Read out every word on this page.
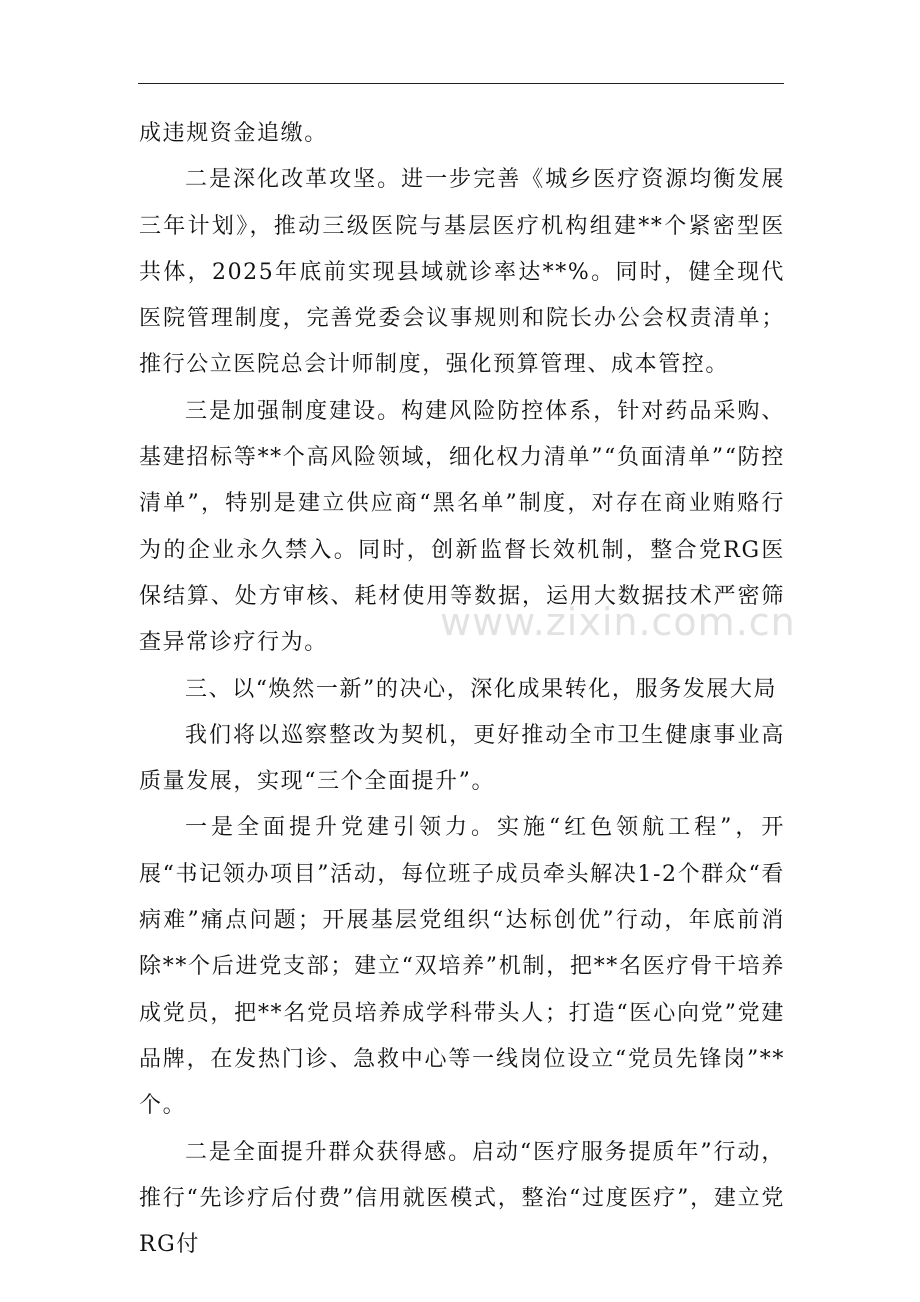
成违规资金追缴。

二是深化改革攻坚。进一步完善《城乡医疗资源均衡发展三年计划》，推动三级医院与基层医疗机构组建**个紧密型医共体，2025年底前实现县域就诊率达**%。同时，健全现代医院管理制度，完善党委会议事规则和院长办公会权责清单；推行公立医院总会计师制度，强化预算管理、成本管控。

三是加强制度建设。构建风险防控体系，针对药品采购、基建招标等**个高风险领域，细化权力清单”“负面清单”“防控清单”，特别是建立供应商“黑名单”制度，对存在商业贿赂行为的企业永久禁入。同时，创新监督长效机制，整合党RG医保结算、处方审核、耗材使用等数据，运用大数据技术严密筛查异常诊疗行为。

三、以“焕然一新”的决心，深化成果转化，服务发展大局

我们将以巡察整改为契机，更好推动全市卫生健康事业高质量发展，实现“三个全面提升”。

一是全面提升党建引领力。实施“红色领航工程”，开展“书记领办项目”活动，每位班子成员牵头解决1-2个群众“看病难”痛点问题；开展基层党组织“达标创优”行动，年底前消除**个后进党支部；建立“双培养”机制，把**名医疗骨干培养成党员，把**名党员培养成学科带头人；打造“医心向党”党建品牌，在发热门诊、急救中心等一线岗位设立“党员先锋岗”**个。

二是全面提升群众获得感。启动“医疗服务提质年”行动，推行“先诊疗后付费”信用就医模式，整治“过度医疗”，建立党RG付

www.zixin.com.cn
